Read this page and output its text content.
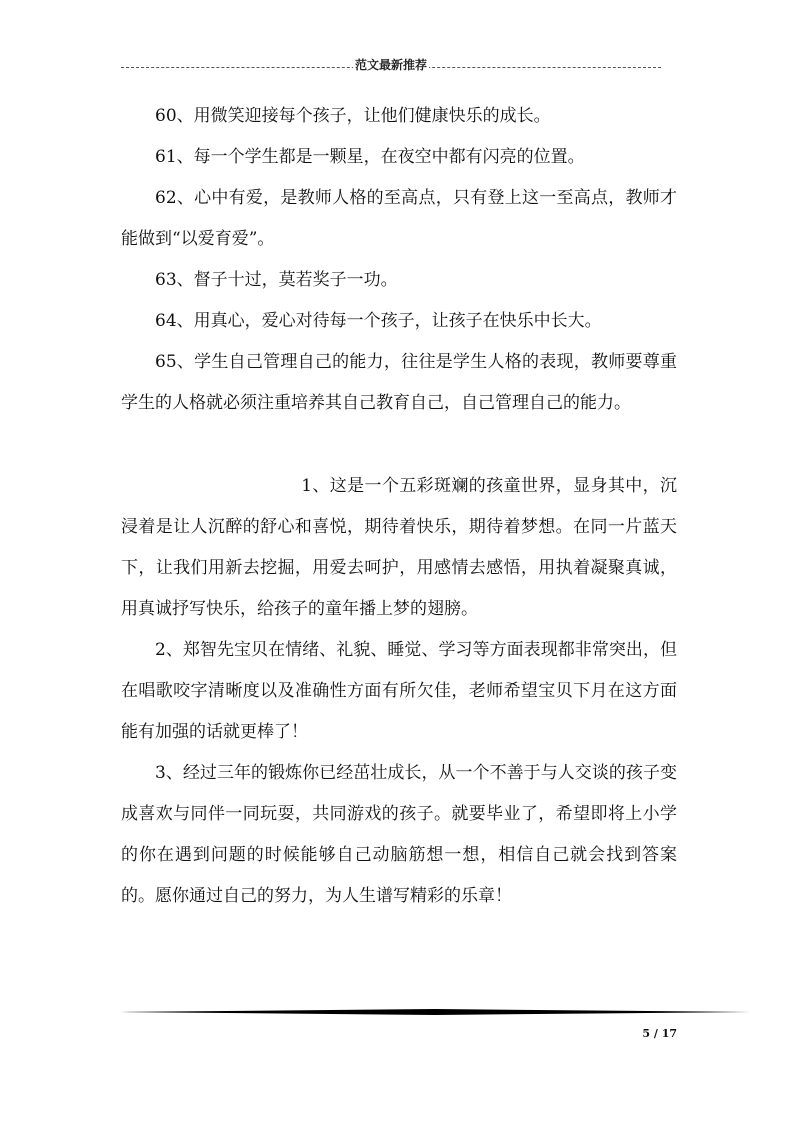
范文最新推荐

60、用微笑迎接每个孩子，让他们健康快乐的成长。

61、每一个学生都是一颗星，在夜空中都有闪亮的位置。

62、心中有爱，是教师人格的至高点，只有登上这一至高点，教师才能做到“以爱育爱”。

63、督子十过，莫若奖子一功。

64、用真心，爱心对待每一个孩子，让孩子在快乐中长大。

65、学生自己管理自己的能力，往往是学生人格的表现，教师要尊重学生的人格就必须注重培养其自己教育自己，自己管理自己的能力。

1、这是一个五彩斑斓的孩童世界，显身其中，沉浸着是让人沉醉的舒心和喜悦，期待着快乐，期待着梦想。在同一片蓝天下，让我们用新去挖掘，用爱去呵护，用感情去感悟，用执着凝聚真诚，用真诚抒写快乐，给孩子的童年播上梦的翅膀。

2、郑智先宝贝在情绪、礼貌、睡觉、学习等方面表现都非常突出，但在唱歌咬字清晰度以及准确性方面有所欠佳，老师希望宝贝下月在这方面能有加强的话就更棒了！

3、经过三年的锻炼你已经茁壮成长，从一个不善于与人交谈的孩子变成喜欢与同伴一同玩耍，共同游戏的孩子。就要毕业了，希望即将上小学的你在遇到问题的时候能够自己动脑筋想一想，相信自己就会找到答案的。愿你通过自己的努力，为人生谱写精彩的乐章！

5 / 17
